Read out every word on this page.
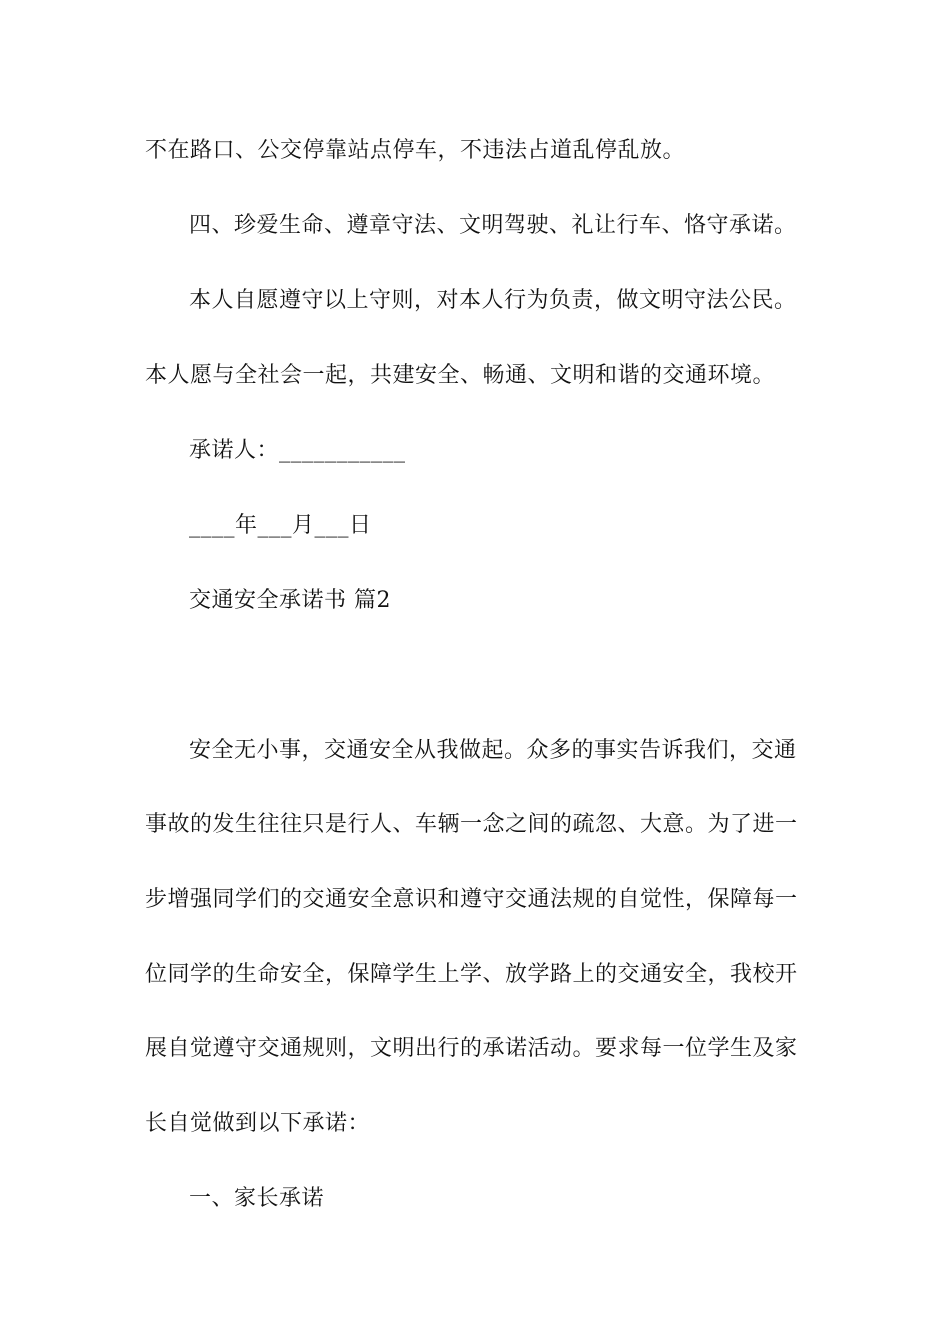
不在路口、公交停靠站点停车，不违法占道乱停乱放。
四、珍爱生命、遵章守法、文明驾驶、礼让行车、恪守承诺。
本人自愿遵守以上守则，对本人行为负责，做文明守法公民。
本人愿与全社会一起，共建安全、畅通、文明和谐的交通环境。
承诺人：___________
____年___月___日
交通安全承诺书 篇2
安全无小事，交通安全从我做起。众多的事实告诉我们，交通
事故的发生往往只是行人、车辆一念之间的疏忽、大意。为了进一
步增强同学们的交通安全意识和遵守交通法规的自觉性，保障每一
位同学的生命安全，保障学生上学、放学路上的交通安全，我校开
展自觉遵守交通规则，文明出行的承诺活动。要求每一位学生及家
长自觉做到以下承诺：
一、家长承诺
